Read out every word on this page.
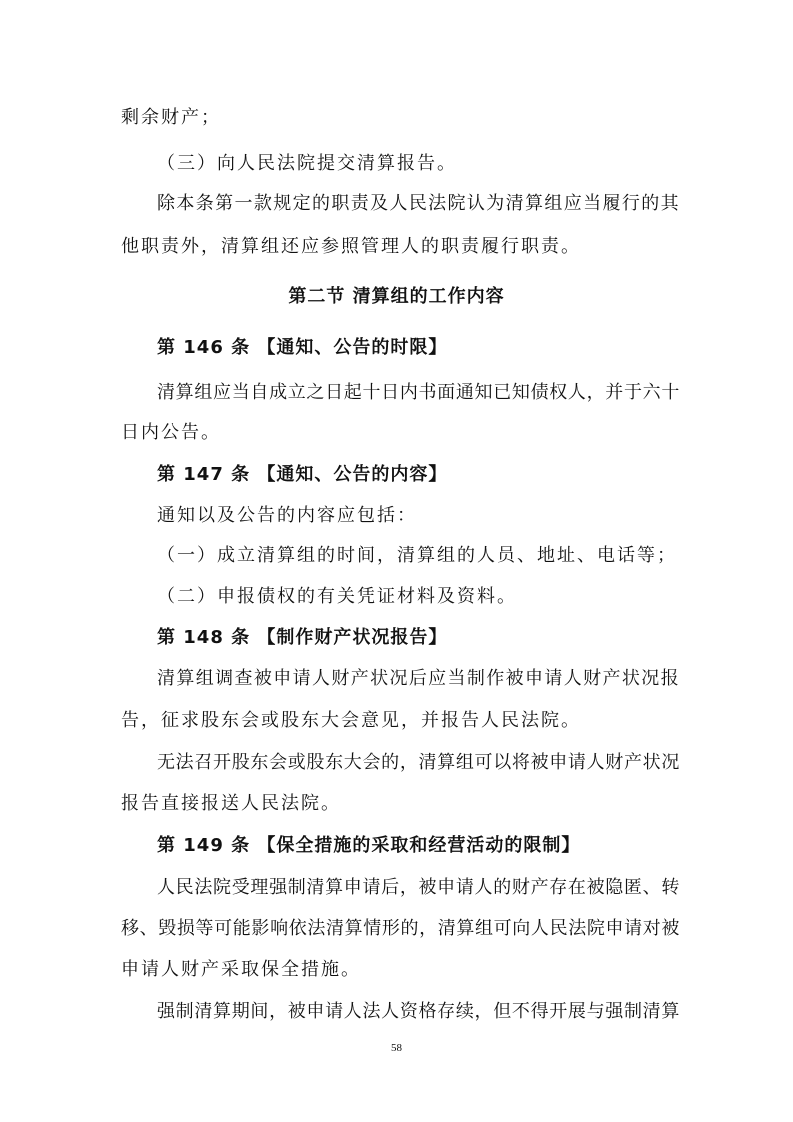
剩余财产；
（三）向人民法院提交清算报告。
除本条第一款规定的职责及人民法院认为清算组应当履行的其
他职责外，清算组还应参照管理人的职责履行职责。
第二节 清算组的工作内容
第 146 条 【通知、公告的时限】
清算组应当自成立之日起十日内书面通知已知债权人，并于六十
日内公告。
第 147 条 【通知、公告的内容】
通知以及公告的内容应包括：
（一）成立清算组的时间，清算组的人员、地址、电话等；
（二）申报债权的有关凭证材料及资料。
第 148 条 【制作财产状况报告】
清算组调查被申请人财产状况后应当制作被申请人财产状况报
告，征求股东会或股东大会意见，并报告人民法院。
无法召开股东会或股东大会的，清算组可以将被申请人财产状况
报告直接报送人民法院。
第 149 条 【保全措施的采取和经营活动的限制】
人民法院受理强制清算申请后，被申请人的财产存在被隐匿、转
移、毁损等可能影响依法清算情形的，清算组可向人民法院申请对被
申请人财产采取保全措施。
强制清算期间，被申请人法人资格存续，但不得开展与强制清算
58
